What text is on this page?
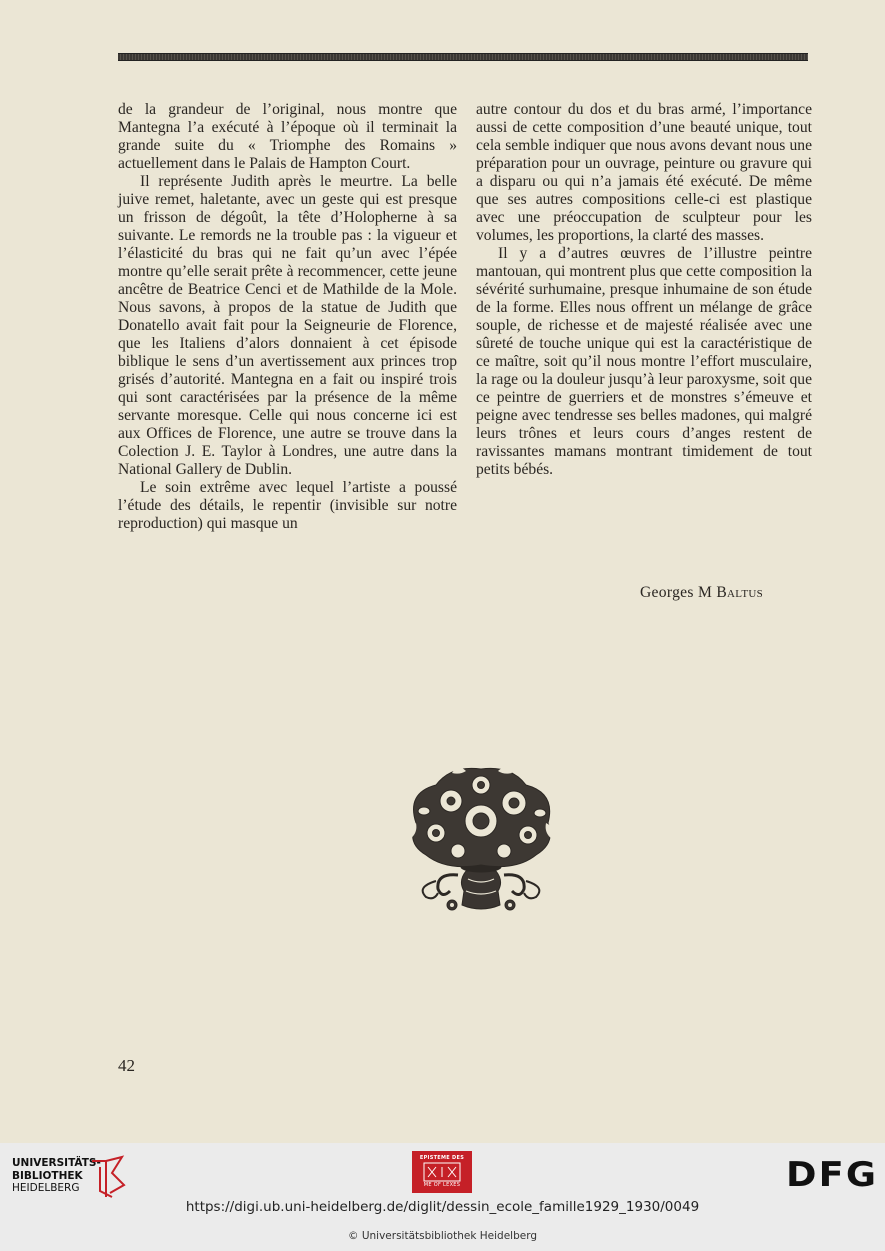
de la grandeur de l’original, nous montre que Mantegna l’a exécuté à l’époque où il terminait la grande suite du « Triomphe des Romains » actuellement dans le Palais de Hampton Court.

Il représente Judith après le meurtre. La belle juive remet, haletante, avec un geste qui est presque un frisson de dégoût, la tête d’Holopherne à sa suivante. Le remords ne la trouble pas : la vigueur et l’élasticité du bras qui ne fait qu’un avec l’épée montre qu’elle serait prête à recommencer, cette jeune ancêtre de Beatrice Cenci et de Mathilde de la Mole. Nous savons, à propos de la statue de Judith que Donatello avait fait pour la Seigneurie de Florence, que les Italiens d’alors donnaient à cet épisode biblique le sens d’un avertissement aux princes trop grisés d’autorité. Mantegna en a fait ou inspiré trois qui sont caractérisées par la présence de la même servante moresque. Celle qui nous concerne ici est aux Offices de Florence, une autre se trouve dans la Colection J. E. Taylor à Londres, une autre dans la National Gallery de Dublin.

Le soin extrême avec lequel l’artiste a poussé l’étude des détails, le repentir (invisible sur notre reproduction) qui masque un

autre contour du dos et du bras armé, l’importance aussi de cette composition d’une beauté unique, tout cela semble indiquer que nous avons devant nous une préparation pour un ouvrage, peinture ou gravure qui a disparu ou qui n’a jamais été exécuté. De même que ses autres compositions celle-ci est plastique avec une préoccupation de sculpteur pour les volumes, les proportions, la clarté des masses.

Il y a d’autres œuvres de l’illustre peintre mantouan, qui montrent plus que cette composition la sévérité surhumaine, presque inhumaine de son étude de la forme. Elles nous offrent un mélange de grâce souple, de richesse et de majesté réalisée avec une sûreté de touche unique qui est la caractéristique de ce maître, soit qu’il nous montre l’effort musculaire, la rage ou la douleur jusqu’à leur paroxysme, soit que ce peintre de guerriers et de monstres s’émeuve et peigne avec tendresse ses belles madones, qui malgré leurs trônes et leurs cours d’anges restent de ravissantes mamans montrant timidement de tout petits bébés.

Georges M Baltus
42
UNIVERSITÄTS-
BIBLIOTHEK
HEIDELBERG
EPISTEME DES
ME OF LEXES	DFG
https://digi.ub.uni-heidelberg.de/diglit/dessin_ecole_famille1929_1930/0049
© Universitätsbibliothek Heidelberg
